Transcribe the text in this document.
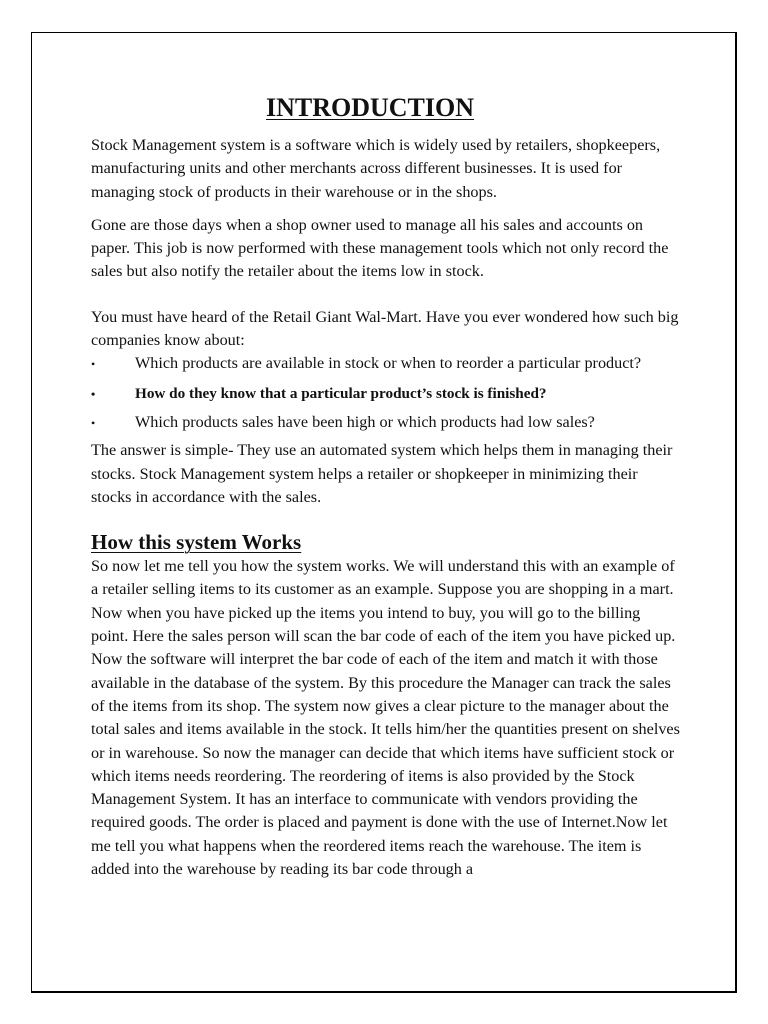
INTRODUCTION

Stock Management system is a software which is widely used by retailers, shopkeepers, manufacturing units and other merchants across different businesses. It is used for managing stock of products in their warehouse or in the shops.

Gone are those days when a shop owner used to manage all his sales and accounts on paper. This job is now performed with these management tools which not only record the sales but also notify the retailer about the items low in stock.

You must have heard of the Retail Giant Wal-Mart. Have you ever wondered how such big companies know about:

• Which products are available in stock or when to reorder a particular product?
•	How do they know that a particular product’s stock is finished?
• Which products sales have been high or which products had low sales?

The answer is simple- They use an automated system which helps them in managing their stocks. Stock Management system helps a retailer or shopkeeper in minimizing their stocks in accordance with the sales.

How this system Works

So now let me tell you how the system works. We will understand this with an example of a retailer selling items to its customer as an example. Suppose you are shopping in a mart. Now when you have picked up the items you intend to buy, you will go to the billing point. Here the sales person will scan the bar code of each of the item you have picked up. Now the software will interpret the bar code of each of the item and match it with those available in the database of the system. By this procedure the Manager can track the sales of the items from its shop. The system now gives a clear picture to the manager about the total sales and items available in the stock. It tells him/her the quantities present on shelves or in warehouse. So now the manager can decide that which items have sufficient stock or which items needs reordering. The reordering of items is also provided by the Stock Management System. It has an interface to communicate with vendors providing the required goods. The order is placed and payment is done with the use of Internet.Now let me tell you what happens when the reordered items reach the warehouse. The item is added into the warehouse by reading its bar code through a
